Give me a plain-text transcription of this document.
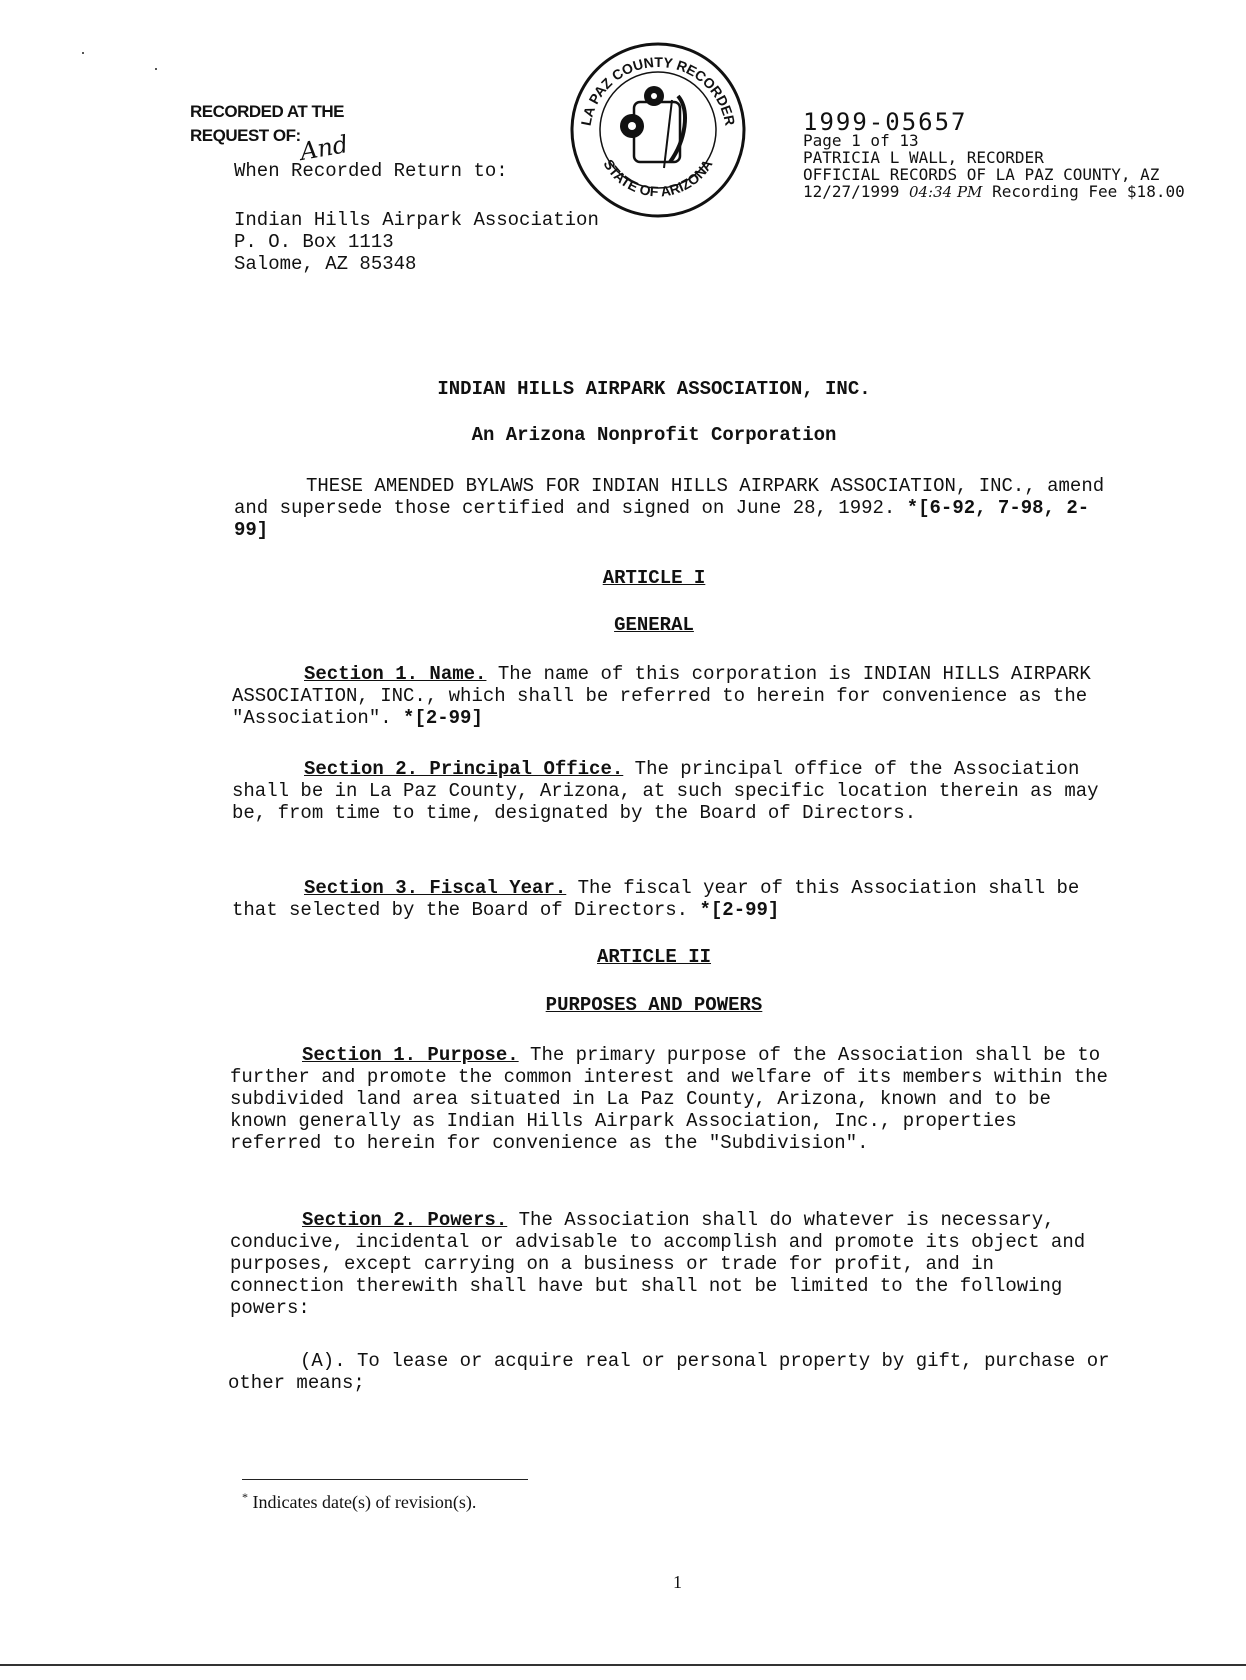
RECORDED AT THE
REQUEST OF:
And
When Recorded Return to:
Indian Hills Airpark Association
P. O. Box 1113
Salome, AZ 85348
LA PAZ COUNTY RECORDER
STATE OF ARIZONA
1999-05657
Page 1 of 13
PATRICIA L WALL, RECORDER
OFFICIAL RECORDS OF LA PAZ COUNTY, AZ
12/27/1999 04:34 PM Recording Fee $18.00
INDIAN HILLS AIRPARK ASSOCIATION, INC.
An Arizona Nonprofit Corporation

THESE AMENDED BYLAWS FOR INDIAN HILLS AIRPARK ASSOCIATION, INC., amend and supersede those certified and signed on June 28, 1992. *[6-92, 7-98, 2-99]

ARTICLE I
GENERAL

Section 1. Name. The name of this corporation is INDIAN HILLS AIRPARK ASSOCIATION, INC., which shall be referred to herein for convenience as the "Association". *[2-99]

Section 2. Principal Office. The principal office of the Association shall be in La Paz County, Arizona, at such specific location therein as may be, from time to time, designated by the Board of Directors.

Section 3. Fiscal Year. The fiscal year of this Association shall be that selected by the Board of Directors. *[2-99]

ARTICLE II
PURPOSES AND POWERS

Section 1. Purpose. The primary purpose of the Association shall be to further and promote the common interest and welfare of its members within the subdivided land area situated in La Paz County, Arizona, known and to be known generally as Indian Hills Airpark Association, Inc., properties referred to herein for convenience as the "Subdivision".

Section 2. Powers. The Association shall do whatever is necessary, conducive, incidental or advisable to accomplish and promote its object and purposes, except carrying on a business or trade for profit, and in connection therewith shall have but shall not be limited to the following powers:

(A). To lease or acquire real or personal property by gift, purchase or other means;

* Indicates date(s) of revision(s).
1
